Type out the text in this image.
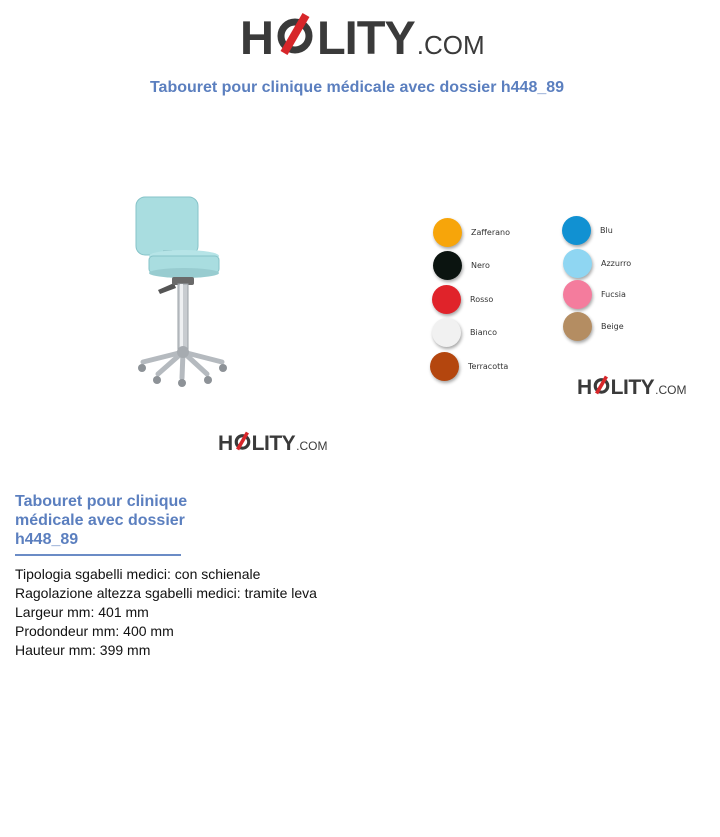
H LITY .COM
Tabouret pour clinique médicale avec dossier h448_89
H LITY .COM
Zafferano
Nero
Rosso
Bianco
Terracotta
Blu
Azzurro
Fucsia
Beige
H LITY .COM
Tabouret pour clinique médicale avec dossier h448_89
Tipologia sgabelli medici: con schienale
Ragolazione altezza sgabelli medici: tramite leva
Largeur mm: 401 mm
Prodondeur mm: 400 mm
Hauteur mm: 399 mm
